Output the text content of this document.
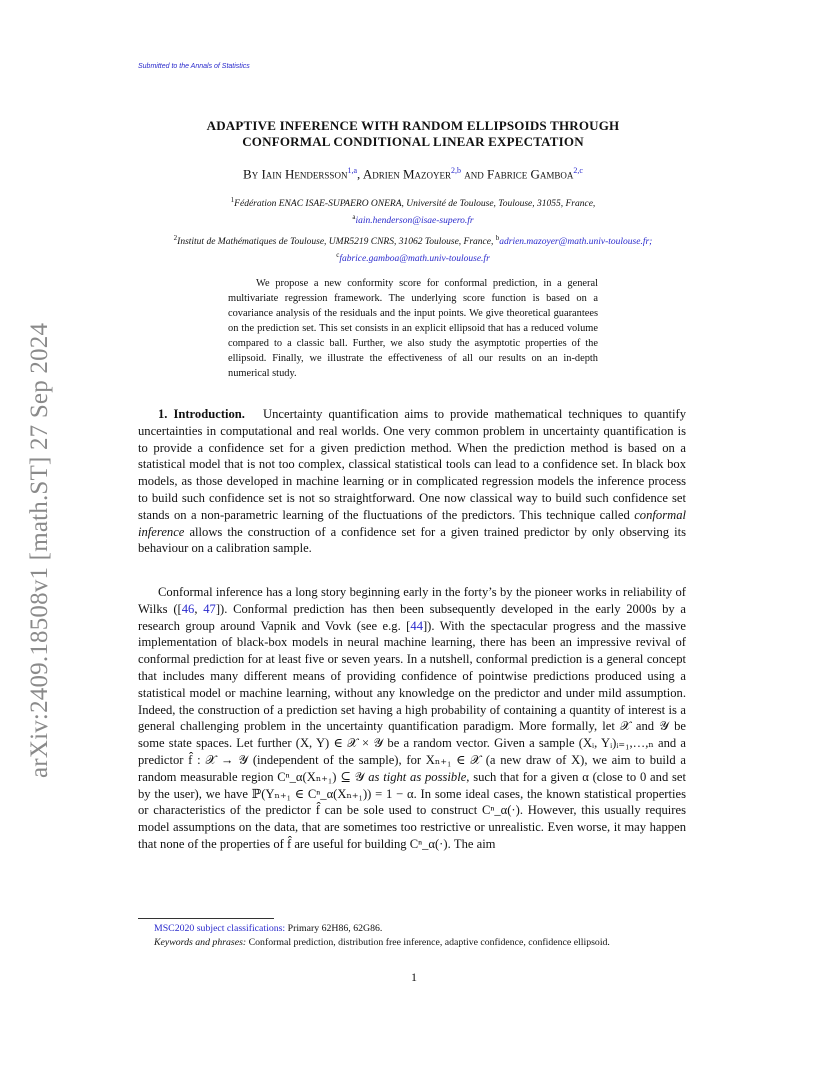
Submitted to the Annals of Statistics
arXiv:2409.18508v1 [math.ST] 27 Sep 2024
ADAPTIVE INFERENCE WITH RANDOM ELLIPSOIDS THROUGH
CONFORMAL CONDITIONAL LINEAR EXPECTATION
By Iain Hendersson$^{1,a}$, Adrien Mazoyer$^{2,b}$ and Fabrice Gamboa$^{2,c}$
$^1$Fédération ENAC ISAE-SUPAERO ONERA, Université de Toulouse, Toulouse, 31055, France,
$^a$iain.henderson@isae-supero.fr
$^2$Institut de Mathématiques de Toulouse, UMR5219 CNRS, 31062 Toulouse, France, $^b$adrien.mazoyer@math.univ-toulouse.fr;
$^c$fabrice.gamboa@math.univ-toulouse.fr
We propose a new conformity score for conformal prediction, in a general multivariate regression framework. The underlying score function is based on a covariance analysis of the residuals and the input points. We give theoretical guarantees on the prediction set. This set consists in an explicit ellipsoid that has a reduced volume compared to a classic ball. Further, we also study the asymptotic properties of the ellipsoid. Finally, we illustrate the effectiveness of all our results on an in-depth numerical study.
1. Introduction. Uncertainty quantification aims to provide mathematical techniques to quantify uncertainties in computational and real worlds. One very common problem in uncertainty quantification is to provide a confidence set for a given prediction method. When the prediction method is based on a statistical model that is not too complex, classical statistical tools can lead to a confidence set. In black box models, as those developed in machine learning or in complicated regression models the inference process to build such confidence set is not so straightforward. One now classical way to build such confidence set stands on a non-parametric learning of the fluctuations of the predictors. This technique called conformal inference allows the construction of a confidence set for a given trained predictor by only observing its behaviour on a calibration sample.
Conformal inference has a long story beginning early in the forty’s by the pioneer works in reliability of Wilks ([46, 47]). Conformal prediction has then been subsequently developed in the early 2000s by a research group around Vapnik and Vovk (see e.g. [44]). With the spectacular progress and the massive implementation of black-box models in neural machine learning, there has been an impressive revival of conformal prediction for at least five or seven years. In a nutshell, conformal prediction is a general concept that includes many different means of providing confidence of pointwise predictions produced using a statistical model or machine learning, without any knowledge on the predictor and under mild assumption. Indeed, the construction of a prediction set having a high probability of containing a quantity of interest is a general challenging problem in the uncertainty quantification paradigm. More formally, let 𝒳 and 𝒴 be some state spaces. Let further (X, Y) ∈ 𝒳 × 𝒴 be a random vector. Given a sample (Xᵢ, Yᵢ)ᵢ₌₁,…,ₙ and a predictor f̂ : 𝒳 → 𝒴 (independent of the sample), for Xₙ₊₁ ∈ 𝒳 (a new draw of X), we aim to build a random measurable region Cⁿ_α(Xₙ₊₁) ⊆ 𝒴 as tight as possible, such that for a given α (close to 0 and set by the user), we have ℙ(Yₙ₊₁ ∈ Cⁿ_α(Xₙ₊₁)) = 1 − α. In some ideal cases, the known statistical properties or characteristics of the predictor f̂ can be sole used to construct Cⁿ_α(·). However, this usually requires model assumptions on the data, that are sometimes too restrictive or unrealistic. Even worse, it may happen that none of the properties of f̂ are useful for building Cⁿ_α(·). The aim
MSC2020 subject classifications: Primary 62H86, 62G86.
Keywords and phrases: Conformal prediction, distribution free inference, adaptive confidence, confidence ellipsoid.
1
